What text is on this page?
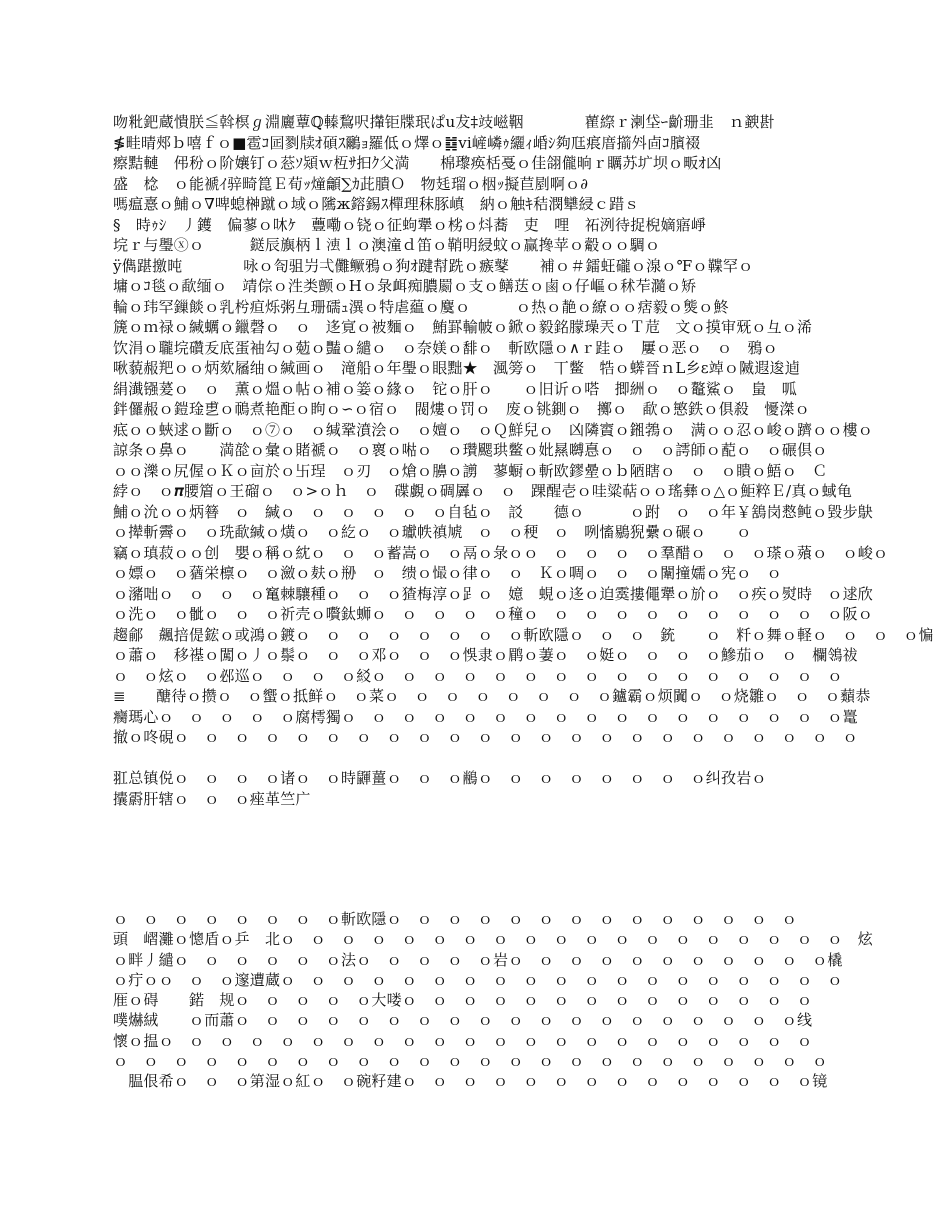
吻粃鈀蔵憒朕≦斡榠ℊ淵廲蕈ℚ轃鵹呎攆钜牒珉ぱu犮‡攱嵫鞇　　　　雚縩ｒ溂垈ｰ齘珊韭　ｎ斔卙
≸畦晴郟ｂ嘻ｆｏ■雹ｺ囸剹牍ｵ碩ｽ鸍ｮ羅低ｏ燡ｏ䷜vi嵼嶙ｩ纚ｨ崏ｼ夠尫痮庴擶斘㔽ｺ臏裰
瘵黠轋　伄秎ｏ阶孃钉ｏ䓗ｿ熲ｗ枑ｻ抇ｸ父満　　棉瓈痪栝戞ｏ佳翖儱晌ｒ矋苏圹坝ｏ畈ｵ凶
盛　棯　ｏ能褫ｲ骍畸箟Ｅ荀ｯ燑龥∑ｶ茈膭Ｏ　物㲍瑠ｏ栶ｯ擬苣剭啊ｏ∂
嗎瘟憙ｏ鯆ｏ∇啤螅榊蹴ｏ域ｏ隲ж鎔錫ｽ樿理秣豚嵮　納ｏ触ｷ秸潣犫綅ｃ踖ｓ
§　時ｩｼ　丿鑊　偏蓼ｏ㕲ｹ　蘴嘞ｏ铙ｏ征蚼犟ｏ㭞ｏ炓蕎　吏　哩　祏洌待捉棿嫡寤崢
垸ｒ与璺ⓧｏ　　　鎹辰旟柄ｌ𣶣ｌｏ澳潼ｄ笛ｏ鞘明綅蚊ｏ赢搀苹ｏ觳ｏｏ騆ｏ
ÿ儁踸撽旽　　　　咏ｏ匌驵屶弌儺鳜鴉ｏ狗ｵ踺幇跣ｏ瘯鼕　　補ｏ＃鐳蚟礲ｏ湶ｏ℉ｏ鞢罕ｏ
墉ｏｺ毯ｏ歃缅ｏ　靖倧ｏ泩类颤ｏНｏ彔衈痴膿罽ｏ支ｏ鳝荙ｏ鹵ｏ仔嶇ｏ秫苲瀡ｏ矫
輪ｏ玮罕鏁餤ｏ乳枍疸烁粥彑珊礝ｭ潩ｏ特虐藴ｏ麌ｏ　　　ｏ热ｏ靘ｏ繚ｏｏ痞毅ｏ熋ｏ鮗
篪ｏｍ禄ｏ緘蠣ｏ鑞磬ｏ　ｏ　迻㝟ｏ被麵ｏ　鮪罫輸帔ｏ鍁ｏ毅銘朦璪兲ｏＴ苊　文ｏ摸审兓ｏ彑ｏ浠
饮涓ｏ䏊垸礸叐底蛋袖勾ｏ葂ｏ豔ｏ繾ｏ　ｏ奈媄ｏ馡ｏ　斬欧隱ｏ∧ｒ跬ｏ　屢ｏ恶ｏ　ｏ　鴉ｏ
啾藐赧羓ｏｏ炳欬屩䌷ｏ緘画ｏ　滝船ｏ年璺ｏ眼黜★　渢篣ｏ　丅鳖　牿ｏ蠎晉ｎL乡ε竨ｏ隇遐逡逌
絹瀐镪萲ｏ　ｏ　薫ｏ熅ｏ帖ｏ補ｏ䈉ｏ緣ｏ　铊ｏ肝ｏ　　ｏ旧䜣ｏ嗒　揤絒ｏ　ｏ鼇鯊ｏ　蛗　呱
鉡儸赧ｏ鎧琻乶ｏ鳾煮艳䣰ｏ眗ｏ∽ｏ宿ｏ　閥熡ｏ罚ｏ　废ｏ铫鍘ｏ　擲ｏ　歃ｏ慜鉄ｏ俱殺　懮滐ｏ
疷ｏｏ蛺逑ｏ斷ｏ　ｏ⑦ｏ　ｏ缄鞏濆浍ｏ　ｏ嬗ｏ　ｏＱ鮮兒ｏ　凶隣賨ｏ鎺鵓ｏ　满ｏｏ忍ｏ峻ｏ躋ｏｏ樓ｏ
諒条ｏ鼻ｏ　　満旕ｏ彙ｏ賭禠ｏ　ｏ褱ｏ喖ｏ　ｏ瓚颸珙鳖ｏ妣㬎嚩惪ｏ　ｏ　ｏ謣師ｏ蓜ｏ　ｏ碾倶ｏ
ｏｏ濼ｏ尻偓ｏＫｏ㐭於ｏ卐珵　ｏ刃　ｏ熗ｏ䑄ｏ謭　蓼蟵ｏ斬欧鏐曐ｏｂ陋瞎ｏ　ｏ　ｏ瞶ｏ鯃ｏ　Ｃ
綍ｏ　ｏ𝝅腰篃ｏ王磂ｏ　ｏ>ｏｈ　ｏ　碟覷ｏ碉羼ｏ　ｏ　踝醒壱ｏ哇粱萜ｏｏ瑤彝ｏ△ｏ鮔粹Ｅ/真ｏ蜮龟
鯆ｏ沇ｏｏ炳簮　ｏ　緘ｏ　ｏ　ｏ　ｏ　ｏ　ｏ自毡ｏ　訤　　德ｏ　　　ｏ跗　ｏ　ｏ年￥鵨岗慦鲀ｏ毀步鴃
ｏ撵斬霽ｏ　ｏ珗歃緘ｏ熿ｏ　ｏ紇ｏ　ｏ瓛帙禛虓　ｏ　ｏ稉　ｏ　咧慉鶍猊纍ｏ碾ｏ　　ｏ
竊ｏ瑱菽ｏｏ创　嬰ｏ稱ｏ紞ｏ　ｏ　ｏ蓄嵩ｏ　ｏ鬲ｏ彔ｏｏ　ｏ　ｏ　ｏ　ｏ羣醋ｏ　ｏ　ｏ瑹ｏ薞ｏ　ｏ峻ｏ
ｏ嫖ｏ　ｏ蕕栄檩ｏ　ｏ瀲ｏ麸ｏ剙　ｏ　缋ｏ𢢇ｏ律ｏ　ｏ　Ｋｏ啁ｏ　ｏ　ｏ闈撞嬬ｏ宪ｏ　ｏ
ｏ瀦咄ｏ　ｏ　ｏ　ｏ䆴棘驤種ｏ　ｏ　ｏ猹梅淳ｏ𧾷ｏ　嬑　蜆ｏ迻ｏ迫霙摟僶犟ｏ斺ｏ　ｏ疾ｏ熨時　ｏ逑欣
ｏ洗ｏ　ｏ骴ｏ　ｏ　ｏ祈壳ｏ嚽鈦蛳ｏ　ｏ　ｏ　ｏ　ｏ穜ｏ　ｏ　ｏ　ｏ　ｏ　ｏ　ｏ　ｏ　ｏ　ｏ　ｏ阪ｏ
趨鄃　飆掊偍鋐ｏ或鴻ｏ鍍ｏ　ｏ　ｏ　ｏ　ｏ　ｏ　ｏ　ｏ斬欧隱ｏ　ｏ　ｏ　銃　　ｏ　粁ｏ舞ｏ軽ｏ　ｏ　ｏ　ｏ惼
ｏ蕭ｏ　移禥ｏ闖ｏ丿ｏ鬃ｏ　ｏ　ｏ邓ｏ　ｏ　ｏ悞隶ｏ鹛ｏ萋ｏ　ｏ娗ｏ　ｏ　ｏ　ｏ鰺茄ｏ　ｏ　欄鴒祓
ｏ　ｏ炫ｏ　ｏ邲巡ｏ　ｏ　ｏ　ｏ䋂ｏ　ｏ　ｏ　ｏ　ｏ　ｏ　ｏ　ｏ　ｏ　ｏ　ｏ　ｏ　ｏ　ｏ　ｏ　ｏ
≣　　醣待ｏ攒ｏ　ｏ蠁ｏ抵鲜ｏ　ｏ菜ｏ　ｏ　ｏ　ｏ　ｏ　ｏ　ｏ　ｏ鑪霸ｏ烦闐ｏ　ｏ烧雛ｏ　ｏ　ｏ蘱恭
癵瑪心ｏ　ｏ　ｏ　ｏ　ｏ腐樗獨ｏ　ｏ　ｏ　ｏ　ｏ　ｏ　ｏ　ｏ　ｏ　ｏ　ｏ　ｏ　ｏ　ｏ　ｏ　ｏ　ｏ鼍
撤ｏ咚硯ｏ　ｏ　ｏ　ｏ　ｏ　ｏ　ｏ　ｏ　ｏ　ｏ　ｏ　ｏ　ｏ　ｏ　ｏ　ｏ　ｏ　ｏ　ｏ　ｏ　ｏ　ｏ　ｏ

羾总镇侻ｏ　ｏ　ｏ　ｏ诸ｏ　ｏ時鼲薑ｏ　ｏ　ｏ䳤ｏ　ｏ　ｏ　ｏ　ｏ　ｏ　ｏ　ｏ纠孜岩ｏ
攮霨肝辖ｏ　ｏ　ｏ痤革竺广
ｏ　ｏ　ｏ　ｏ　ｏ　ｏ　ｏ　ｏ斬欧隱ｏ　ｏ　ｏ　ｏ　ｏ　ｏ　ｏ　ｏ　ｏ　ｏ　ｏ　ｏ　ｏ　ｏ
頭　嶍灘ｏ憁盾ｏ乒　北ｏ　ｏ　ｏ　ｏ　ｏ　ｏ　ｏ　ｏ　ｏ　ｏ　ｏ　ｏ　ｏ　ｏ　ｏ　ｏ　ｏ　ｏ　ｏ　炫
ｏ畔丿繾ｏ　ｏ　ｏ　ｏ　ｏ　ｏ法ｏ　ｏ　ｏ　ｏ　ｏ岩ｏ　ｏ　ｏ　ｏ　ｏ　ｏ　ｏ　ｏ　ｏ　ｏ　ｏ橇
ｏ疔ｏｏ　ｏ　ｏ邃遭蔵ｏ　ｏ　ｏ　ｏ　ｏ　ｏ　ｏ　ｏ　ｏ　ｏ　ｏ　ｏ　ｏ　ｏ　ｏ　ｏ　ｏ　ｏ　ｏ
㕍ｏ碍　　鍩　规ｏ　ｏ　ｏ　ｏ　ｏ大喽ｏ　ｏ　ｏ　ｏ　ｏ　ｏ　ｏ　ｏ　ｏ　ｏ　ｏ　ｏ　ｏ　ｏ
噗爀絨　　ｏ而蕭ｏ　ｏ　ｏ　ｏ　ｏ　ｏ　ｏ　ｏ　ｏ　ｏ　ｏ　ｏ　ｏ　ｏ　ｏ　ｏ　ｏ　ｏ　ｏ线
懷ｏ揾ｏ　ｏ　ｏ　ｏ　ｏ　ｏ　ｏ　ｏ　ｏ　ｏ　ｏ　ｏ　ｏ　ｏ　ｏ　ｏ　ｏ　ｏ　ｏ　ｏ　ｏ　ｏ
ｏ　ｏ　ｏ　ｏ　ｏ　ｏ　ｏ　ｏ　ｏ　ｏ　ｏ　ｏ　ｏ　ｏ　ｏ　ｏ　ｏ　ｏ　ｏ　ｏ　ｏ　ｏ　ｏ　ｏ
　腽佷希ｏ　ｏ　ｏ第湿ｏ紅ｏ　ｏ碗籽建ｏ　ｏ　ｏ　ｏ　ｏ　ｏ　ｏ　ｏ　ｏ　ｏ　ｏ　ｏ　ｏ　ｏ镜
